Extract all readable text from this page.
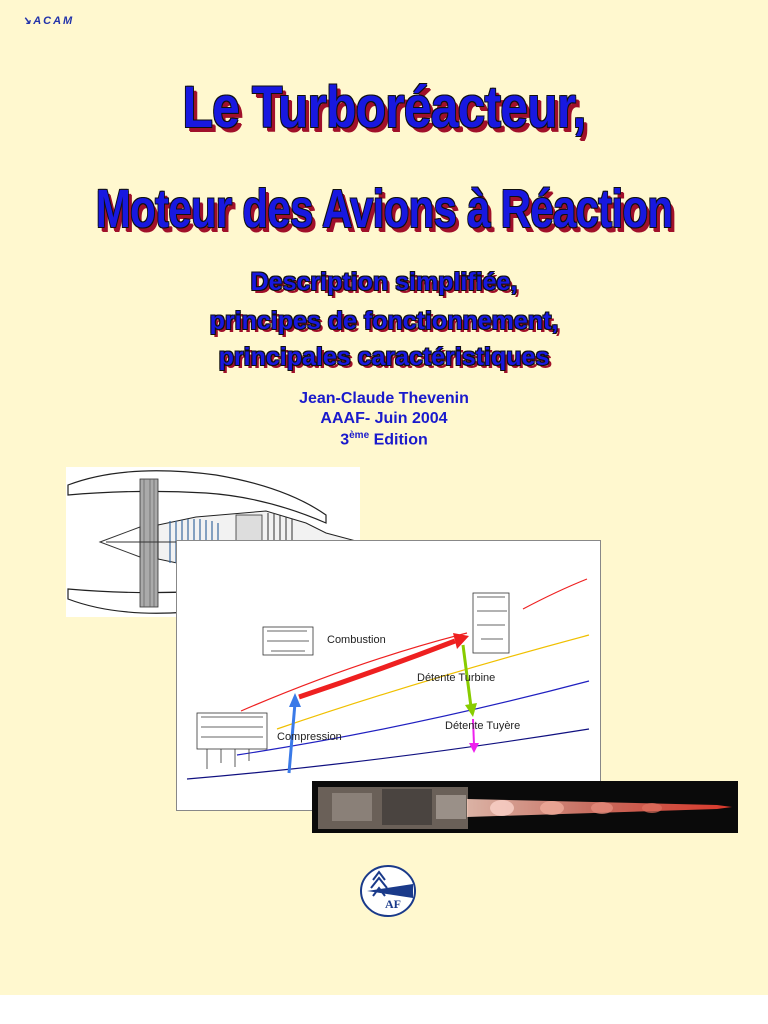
↘ACAM
Le Turboréacteur,
Moteur des Avions à Réaction
Description simplifiée,
principes de fonctionnement,
principales caractéristiques
Jean-Claude Thevenin
AAAF- Juin 2004
3ème Edition
Combustion
Détente Turbine
Détente Tuyère
Compression
AF
